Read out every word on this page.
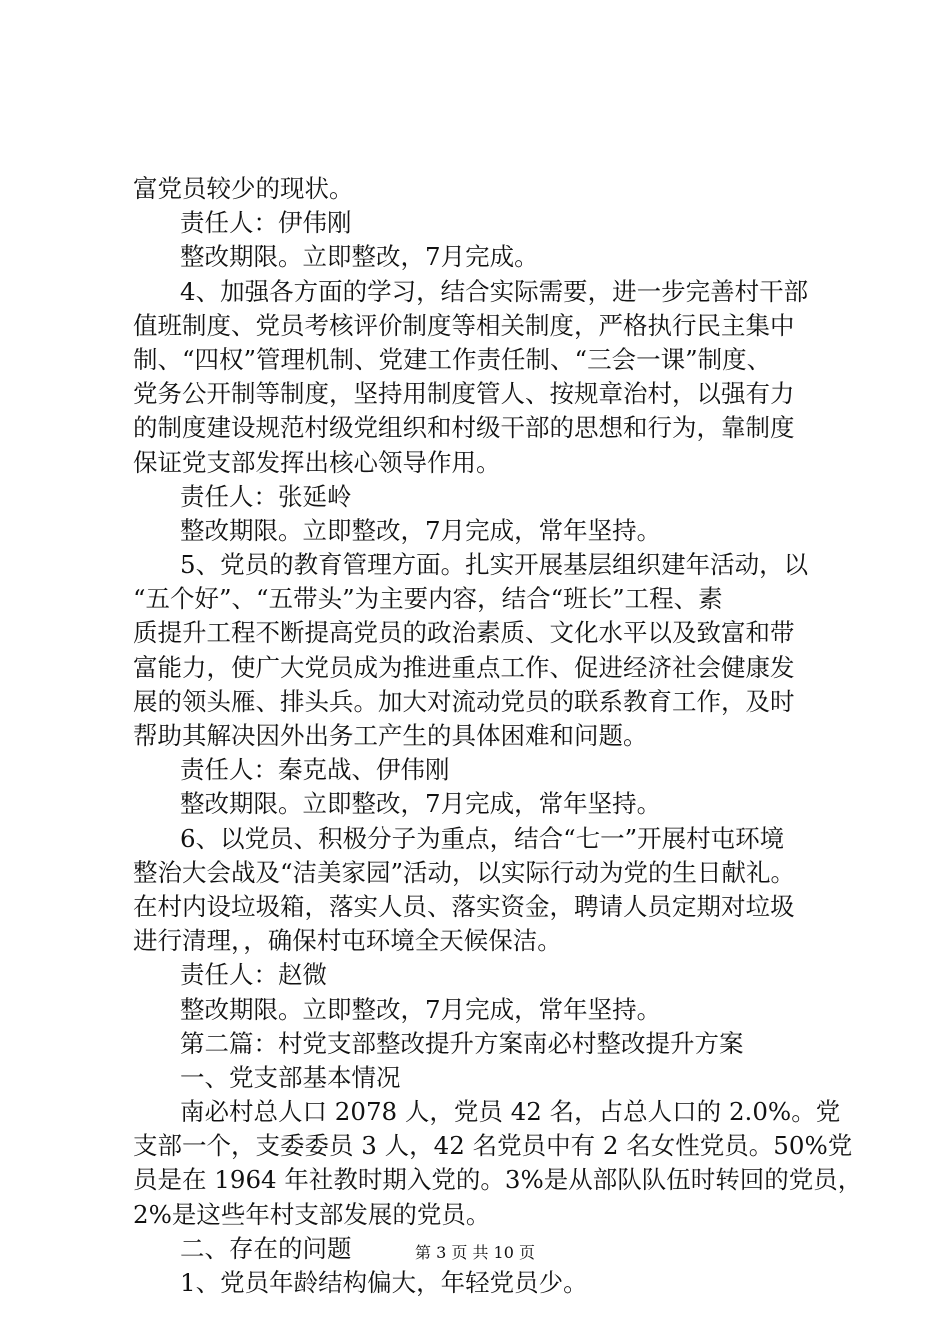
富党员较少的现状。
责任人：伊伟刚
整改期限。立即整改，7月完成。
4、加强各方面的学习，结合实际需要，进一步完善村干部
值班制度、党员考核评价制度等相关制度，严格执行民主集中
制、“四权”管理机制、党建工作责任制、“三会一课”制度、
党务公开制等制度，坚持用制度管人、按规章治村，以强有力
的制度建设规范村级党组织和村级干部的思想和行为，靠制度
保证党支部发挥出核心领导作用。
责任人：张延岭
整改期限。立即整改，7月完成，常年坚持。
5、党员的教育管理方面。扎实开展基层组织建年活动，以
“五个好”、“五带头”为主要内容，结合“班长”工程、素
质提升工程不断提高党员的政治素质、文化水平以及致富和带
富能力，使广大党员成为推进重点工作、促进经济社会健康发
展的领头雁、排头兵。加大对流动党员的联系教育工作，及时
帮助其解决因外出务工产生的具体困难和问题。
责任人：秦克战、伊伟刚
整改期限。立即整改，7月完成，常年坚持。
6、以党员、积极分子为重点，结合“七一”开展村屯环境
整治大会战及“洁美家园”活动，以实际行动为党的生日献礼。
在村内设垃圾箱，落实人员、落实资金，聘请人员定期对垃圾
进行清理，，确保村屯环境全天候保洁。
责任人：赵微
整改期限。立即整改，7月完成，常年坚持。
第二篇：村党支部整改提升方案南必村整改提升方案
一、党支部基本情况
南必村总人口 2078 人，党员 42 名，占总人口的 2.0%。党
支部一个，支委委员 3 人，42 名党员中有 2 名女性党员。50%党
员是在 1964 年社教时期入党的。3%是从部队队伍时转回的党员，
2%是这些年村支部发展的党员。
二、存在的问题
1、党员年龄结构偏大，年轻党员少。
第 3 页 共 10 页
